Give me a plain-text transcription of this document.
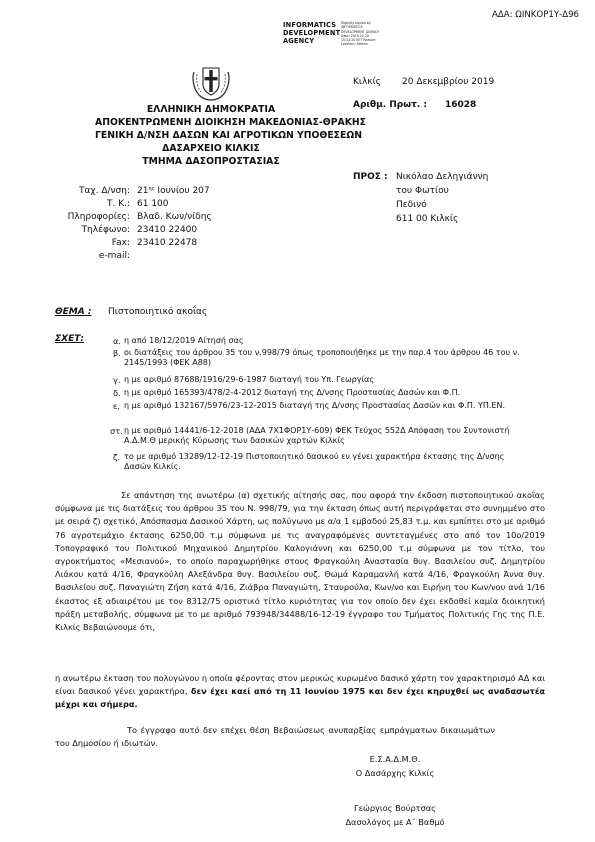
ΑΔΑ: ΩΙΝΚΟΡ1Υ-Δ96
INFORMATICS
DEVELOPMENT
AGENCY
Digitally signed by INFORMATICS DEVELOPMENT AGENCY Date: 2019.12.20 15:14:20 EET Reason: Location: Athens
ΕΛΛΗΝΙΚΗ ΔΗΜΟΚΡΑΤΙΑ
ΑΠΟΚΕΝΤΡΩΜΕΝΗ ΔΙΟΙΚΗΣΗ ΜΑΚΕΔΟΝΙΑΣ-ΘΡΑΚΗΣ
ΓΕΝΙΚΗ Δ/ΝΣΗ ΔΑΣΩΝ ΚΑΙ ΑΓΡΟΤΙΚΩΝ ΥΠΟΘΕΣΕΩΝ
ΔΑΣΑΡΧΕΙΟ ΚΙΛΚΙΣ
ΤΜΗΜΑ ΔΑΣΟΠΡΟΣΤΑΣΙΑΣ
Κιλκίς 20 Δεκεμβρίου 2019
Αριθμ. Πρωτ. : 16028
Ταχ. Δ/νση: $21^{\eta\varsigma}$ Ιουνίου 207
Τ. Κ.: 61 100
Πληροφορίες: Βλαδ. Κων/νίδης
Τηλέφωνο: 23410 22400
Fax: 23410 22478
e-mail:
ΠΡΟΣ : Νικόλαο Δεληγιάννη
του Φωτίου
Πεδινό
611 00 Κιλκίς
ΘΕΜΑ : Πιστοποιητικό ακοΐας
ΣΧΕΤ:	α. η από 18/12/2019 Αίτησή σας
β. οι διατάξεις του άρθρου 35 του ν.998/79 όπως τροποποιήθηκε με την παρ.4 του άρθρου 46 του ν. 2145/1993 (ΦΕΚ Α88)
γ. η με αριθμό 87688/1916/29-6-1987 διαταγή του Υπ. Γεωργίας
δ. η με αριθμό 165393/478/2-4-2012 διαταγή της Δ/νσης Προστασίας Δασών και Φ.Π.
ε. η με αριθμό 132167/5976/23-12-2015 διαταγή της Δ/νσης Προστασίας Δασών και Φ.Π. ΥΠ.ΕΝ.
στ. η με αριθμό 14441/6-12-2018 (ΑΔΑ 7Χ1ΦΟΡ1Υ-609) ΦΕΚ Τεύχος 552Δ Απόφαση του Συντονιστή Α.Δ.Μ.Θ μερικής Κύρωσης των δασικών χαρτών Κιλκίς
ζ. το με αριθμό 13289/12-12-19 Πιστοποιητικό δασικού εν γένει χαρακτήρα έκτασης της Δ/νσης Δασών Κιλκίς.
Σε απάντηση της ανωτέρω (α) σχετικής αίτησής σας, που αφορά την έκδοση πιστοποιητικού ακοΐας σύμφωνα με τις διατάξεις του άρθρου 35 του Ν. 998/79, για την έκταση όπως αυτή περιγράφεται στο συνημμένο στο με σειρά ζ) σχετικό, Απόσπασμα Δασικού Χάρτη, ως πολύγωνο με α/α 1 εμβαδού 25,83 τ.μ. και εμπίπτει στο με αριθμό 76 αγροτεμάχιο έκτασης 6250,00 τ.μ σύμφωνα με τις αναγραφόμενες συντεταγμένες στο από τον 10ο/2019 Τοπογραφικό του Πολιτικού Μηχανικού Δημητρίου Καλογιάννη και 6250,00 τ.μ σύμφωνα με τον τίτλο, του αγροκτήματος «Μεσιανού», το οποίο παραχωρήθηκε στους Φραγκούλη Αναστασία θυγ. Βασιλείου συζ. Δημητρίου Λιάκου κατά 4/16, Φραγκούλη Αλεξάνδρα θυγ. Βασιλείου συζ. Θωμά Καραμανλή κατά 4/16, Φραγκούλη Άννα θυγ. Βασιλείου συζ. Παναγιώτη Ζήση κατά 4/16, Ζιάβρα Παναγιώτη, Σταυρούλα, Κων/νο και Ειρήνη του Κων/νου ανά 1/16 έκαστος εξ αδιαιρέτου με τον 8312/75 οριστικό τίτλο κυριότητας για τον οποίο δεν έχει εκδοθεί καμία διοικητική πράξη μεταβολής, σύμφωνα με το με αριθμό 793948/34488/16-12-19 έγγραφο του Τμήματος Πολιτικής Γης της Π.Ε. Κιλκίς Βεβαιώνουμε ότι,
η ανωτέρω έκταση του πολυγώνου η οποία φέροντας στον μερικώς κυρωμένο δασικό χάρτη τον χαρακτηρισμό ΑΔ και είναι δασικού γένει χαρακτήρα, δεν έχει καεί από τη 11 Ιουνίου 1975 και δεν έχει κηρυχθεί ως αναδασωτέα μέχρι και σήμερα.
Το έγγραφο αυτό δεν επέχει θέση Βεβαιώσεως ανυπαρξίας εμπράγματων δικαιωμάτων του Δημοσίου ή ιδιωτών.
Ε.Σ.Α.Δ.Μ.Θ.
Ο Δασάρχης Κιλκίς
Γεώργιος Βούρτσας
Δασολόγος με Α΄ Βαθμό
